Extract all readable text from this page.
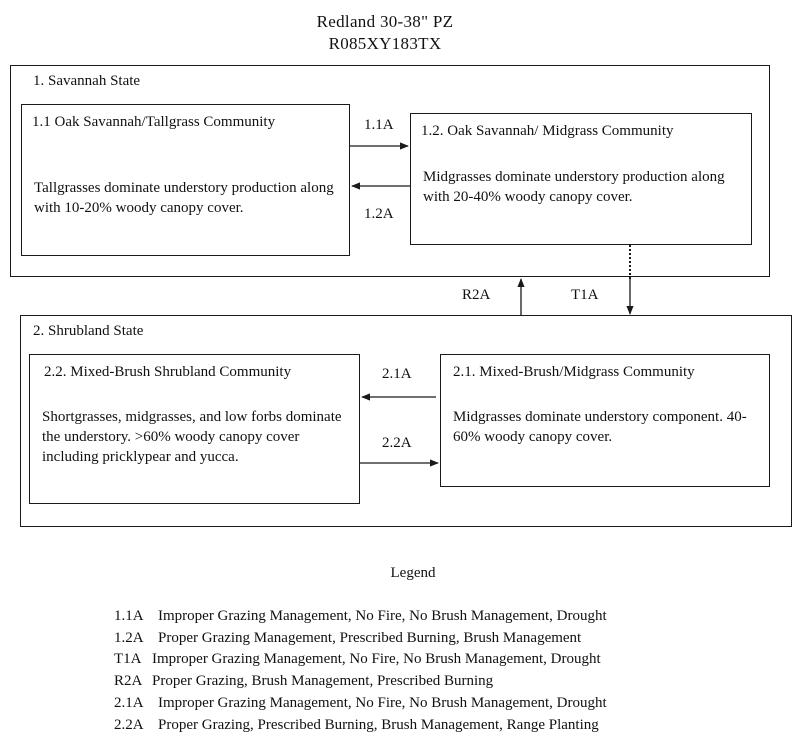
Redland 30-38" PZ
R085XY183TX
1. Savannah State
1.1 Oak Savannah/Tallgrass Community
Tallgrasses dominate understory production along with 10-20% woody canopy cover.
1.2. Oak Savannah/ Midgrass Community
Midgrasses dominate understory production along with 20-40% woody canopy cover.
2. Shrubland State
2.2. Mixed-Brush Shrubland Community
Shortgrasses, midgrasses, and low forbs dominate the understory. >60% woody canopy cover including pricklypear and yucca.
2.1. Mixed-Brush/Midgrass Community
Midgrasses dominate understory component. 40-60% woody canopy cover.
1.1A
1.2A
R2A	T1A
2.1A
2.2A
Legend
1.1A Improper Grazing Management, No Fire, No Brush Management, Drought
1.2A Proper Grazing Management, Prescribed Burning, Brush Management
T1A Improper Grazing Management, No Fire, No Brush Management, Drought
R2A Proper Grazing, Brush Management, Prescribed Burning
2.1A Improper Grazing Management, No Fire, No Brush Management, Drought
2.2A Proper Grazing, Prescribed Burning, Brush Management, Range Planting
